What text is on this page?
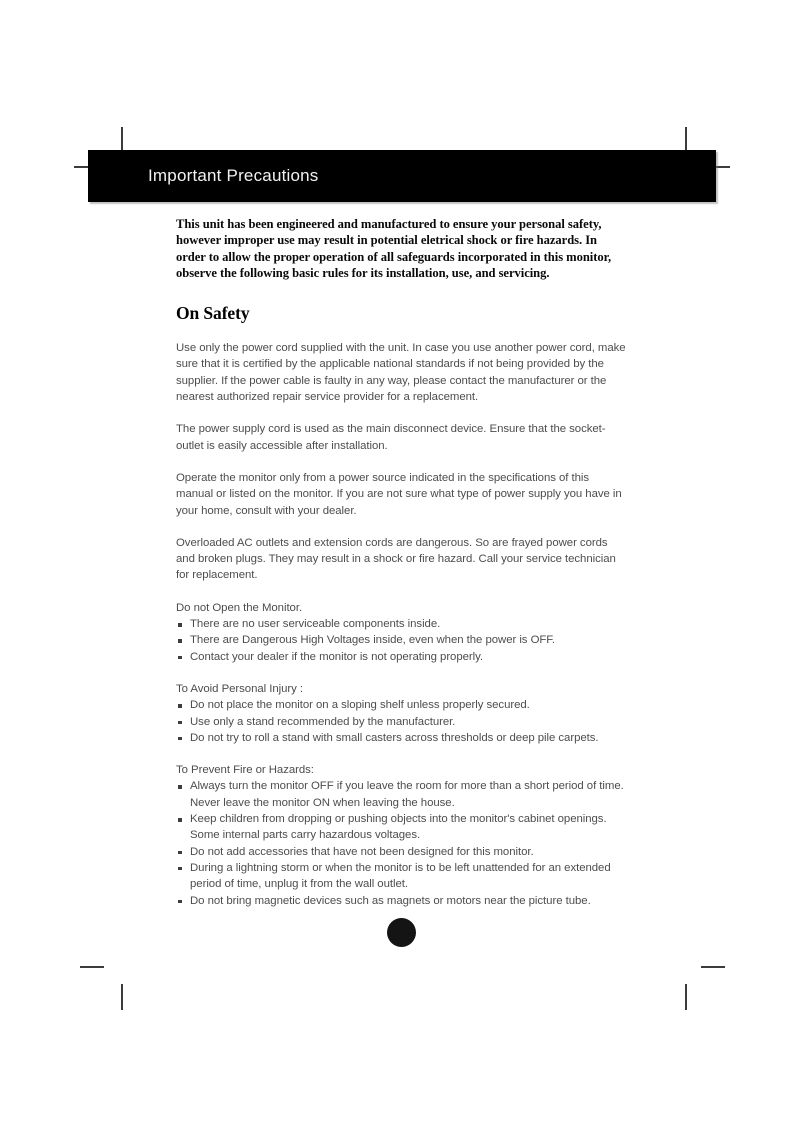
Important Precautions

This unit has been engineered and manufactured to ensure your personal safety, however improper use may result in potential eletrical shock or fire hazards. In order to allow the proper operation of all safeguards incorporated in this monitor, observe the following basic rules for its installation, use, and servicing.

On Safety

Use only the power cord supplied with the unit. In case you use another power cord, make sure that it is certified by the applicable national standards if not being provided by the supplier. If the power cable is faulty in any way, please contact the manufacturer or the nearest authorized repair service provider for a replacement.

The power supply cord is used as the main disconnect device. Ensure that the socket-outlet is easily accessible after installation.

Operate the monitor only from a power source indicated in the specifications of this manual or listed on the monitor. If you are not sure what type of power supply you have in your home, consult with your dealer.

Overloaded AC outlets and extension cords are dangerous. So are frayed power cords and broken plugs. They may result in a shock or fire hazard. Call your service technician for replacement.

Do not Open the Monitor.

There are no user serviceable components inside.
There are Dangerous High Voltages inside, even when the power is OFF.
Contact your dealer if the monitor is not operating properly.

To Avoid Personal Injury :

Do not place the monitor on a sloping shelf unless properly secured.
Use only a stand recommended by the manufacturer.
Do not try to roll a stand with small casters across thresholds or deep pile carpets.

To Prevent Fire or Hazards:

Always turn the monitor OFF if you leave the room for more than a short period of time. Never leave the monitor ON when leaving the house.
Keep children from dropping or pushing objects into the monitor's cabinet openings. Some internal parts carry hazardous voltages.
Do not add accessories that have not been designed for this monitor.
During a lightning storm or when the monitor is to be left unattended for an extended period of time, unplug it from the wall outlet.
Do not bring magnetic devices such as magnets or motors near the picture tube.
